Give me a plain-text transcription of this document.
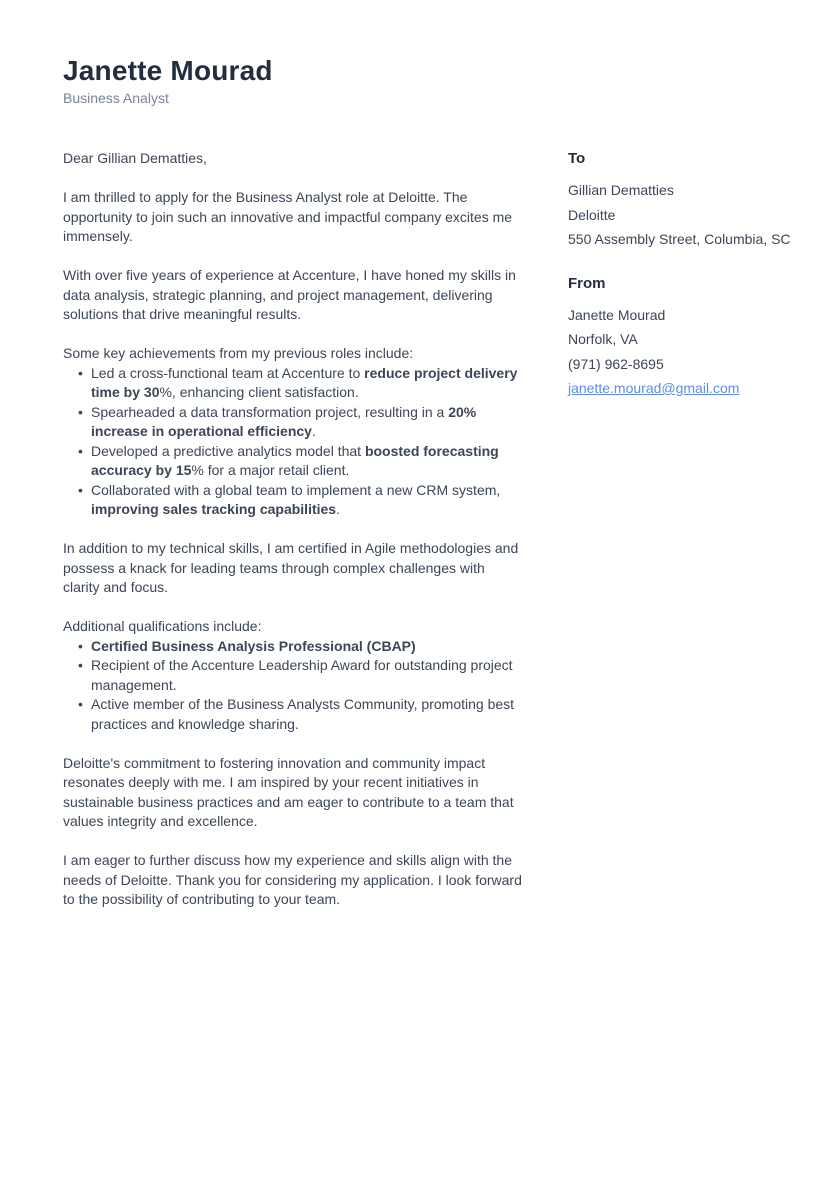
Janette Mourad
Business Analyst

Dear Gillian Dematties,

I am thrilled to apply for the Business Analyst role at Deloitte. The opportunity to join such an innovative and impactful company excites me immensely.

With over five years of experience at Accenture, I have honed my skills in data analysis, strategic planning, and project management, delivering solutions that drive meaningful results.

Some key achievements from my previous roles include:

• Led a cross-functional team at Accenture to reduce project delivery time by 30%, enhancing client satisfaction.
• Spearheaded a data transformation project, resulting in a 20% increase in operational efficiency.
• Developed a predictive analytics model that boosted forecasting accuracy by 15% for a major retail client.
• Collaborated with a global team to implement a new CRM system, improving sales tracking capabilities.

In addition to my technical skills, I am certified in Agile methodologies and possess a knack for leading teams through complex challenges with clarity and focus.

Additional qualifications include:

• Certified Business Analysis Professional (CBAP)
• Recipient of the Accenture Leadership Award for outstanding project management.
• Active member of the Business Analysts Community, promoting best practices and knowledge sharing.

Deloitte's commitment to fostering innovation and community impact resonates deeply with me. I am inspired by your recent initiatives in sustainable business practices and am eager to contribute to a team that values integrity and excellence.

I am eager to further discuss how my experience and skills align with the needs of Deloitte. Thank you for considering my application. I look forward to the possibility of contributing to your team.

To
Gillian Dematties
Deloitte
550 Assembly Street, Columbia, SC
From
Janette Mourad
Norfolk, VA
(971) 962-8695
janette.mourad@gmail.com
